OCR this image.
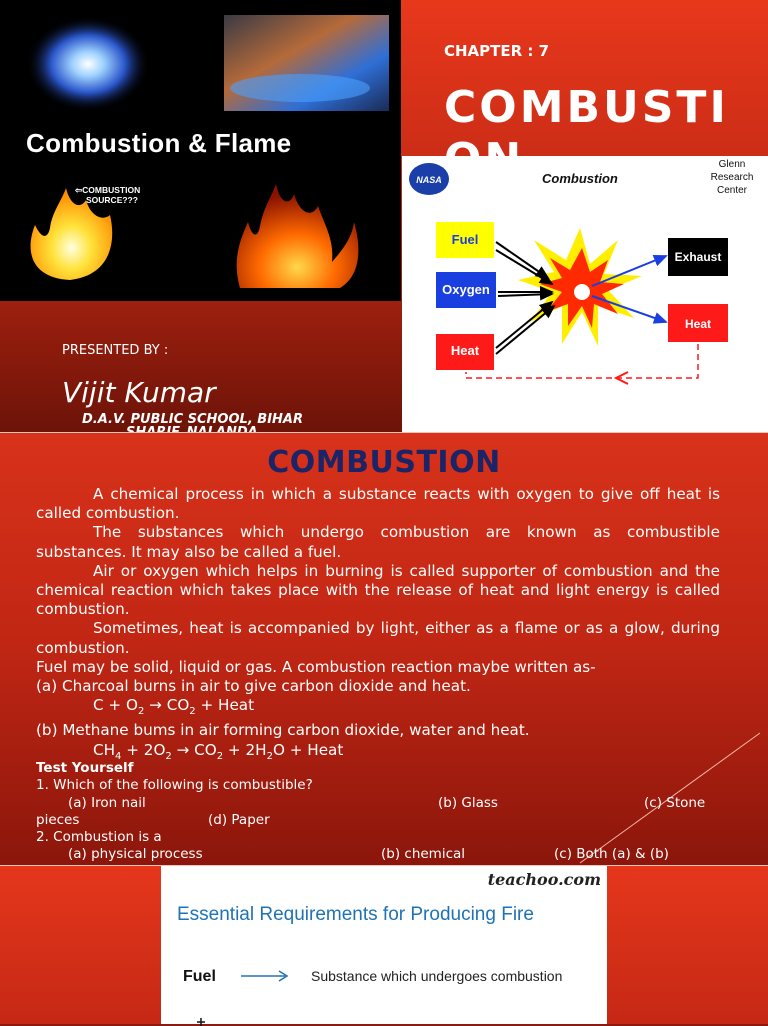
⇦COMBUSTION
SOURCE???
Combustion & Flame
CHAPTER : 7
COMBUSTI
NASA	Combustion
Glenn
Research
Center
Fuel
Oxygen
Heat
Exhaust
Heat
PRESENTED BY :
Vijit Kumar
D.A.V. PUBLIC SCHOOL, BIHAR
COMBUSTION

A chemical process in which a substance reacts with oxygen to give off heat is called combustion.

The substances which undergo combustion are known as combustible substances. It may also be called a fuel.

Air or oxygen which helps in burning is called supporter of combustion and the chemical reaction which takes place with the release of heat and light energy is called combustion.

Sometimes, heat is accompanied by light, either as a flame or as a glow, during combustion.

Fuel may be solid, liquid or gas. A combustion reaction maybe written as-

(a) Charcoal burns in air to give carbon dioxide and heat.

$C + O_2 \to CO_2$ + Heat

(b) Methane bums in air forming carbon dioxide, water and heat.

$CH_4 + 2O_2 \to CO_2 + 2H_2O$ + Heat

Test Yourself
1. Which of the following is combustible?
(a) Iron nail	(b) Glass	(c) Stone
pieces	(d) Paper
2. Combustion is a
(a) physical process	(b) chemical	(c) Both (a) & (b)
teachoo.com
Essential Requirements for Producing Fire
Fuel	Substance which undergoes combustion
